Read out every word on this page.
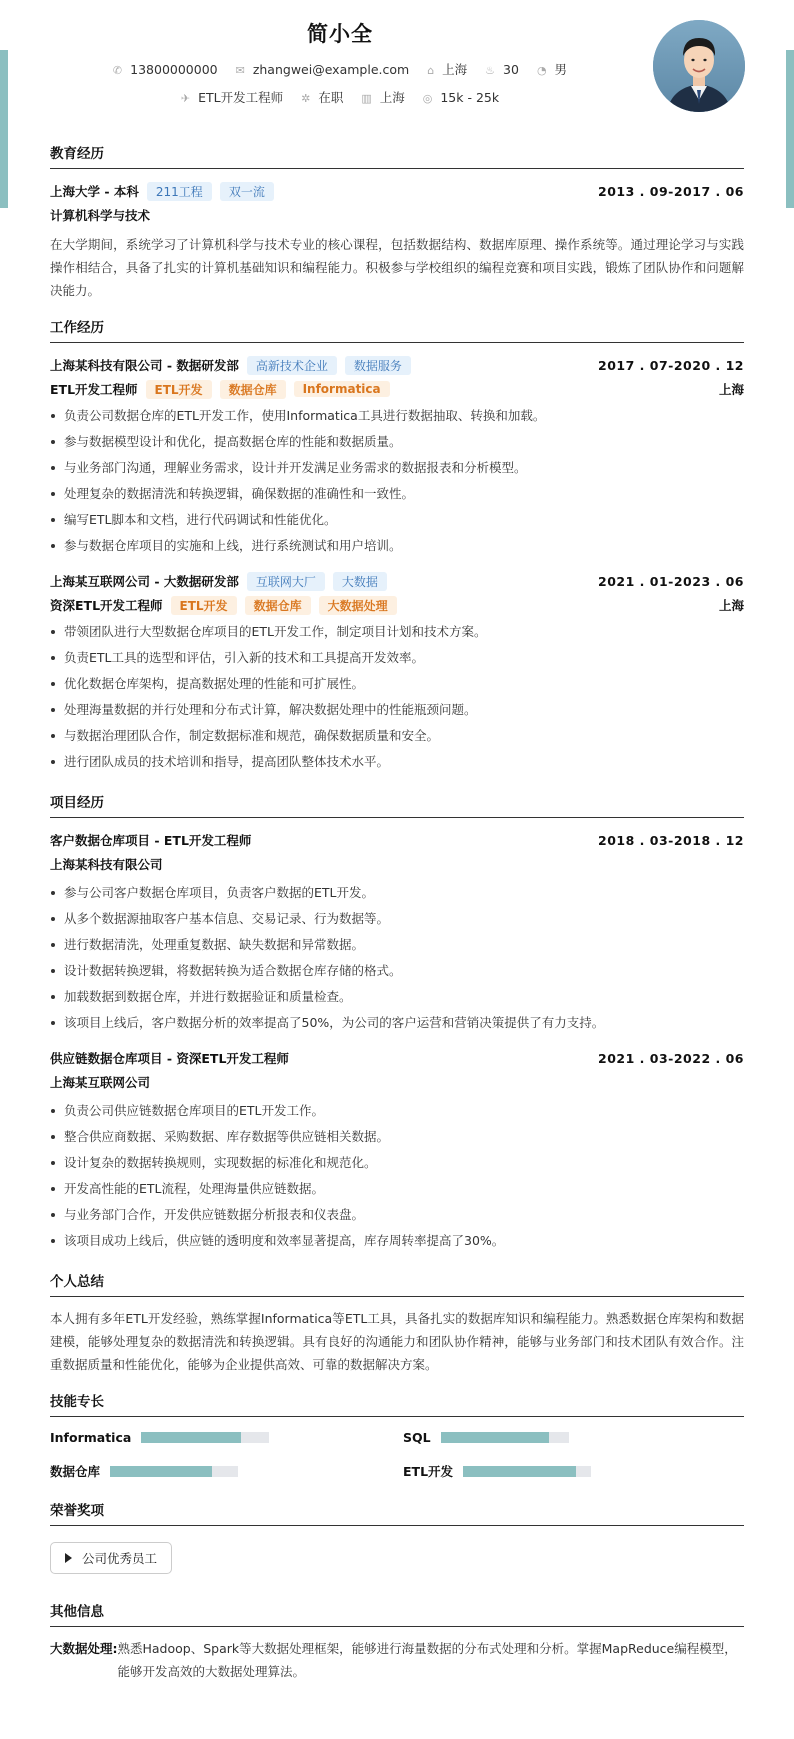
简小全
✆ 13800000000 ✉ zhangwei@example.com ⌂ 上海 ♨ 30 ◔ 男
✈ ETL开发工程师 ✲ 在职 ▥ 上海 ◎ 15k - 25k
教育经历
上海大学 - 本科	211工程	双一流	2013 . 09-2017 . 06
计算机科学与技术
在大学期间，系统学习了计算机科学与技术专业的核心课程，包括数据结构、数据库原理、操作系统等。通过理论学习与实践操作相结合，具备了扎实的计算机基础知识和编程能力。积极参与学校组织的编程竞赛和项目实践，锻炼了团队协作和问题解决能力。
工作经历
上海某科技有限公司 - 数据研发部	高新技术企业	数据服务	2017 . 07-2020 . 12
ETL开发工程师	ETL开发	数据仓库	Informatica	上海
负责公司数据仓库的ETL开发工作，使用Informatica工具进行数据抽取、转换和加载。
参与数据模型设计和优化，提高数据仓库的性能和数据质量。
与业务部门沟通，理解业务需求，设计并开发满足业务需求的数据报表和分析模型。
处理复杂的数据清洗和转换逻辑，确保数据的准确性和一致性。
编写ETL脚本和文档，进行代码调试和性能优化。
参与数据仓库项目的实施和上线，进行系统测试和用户培训。
上海某互联网公司 - 大数据研发部	互联网大厂	大数据	2021 . 01-2023 . 06
资深ETL开发工程师	ETL开发	数据仓库	大数据处理	上海
带领团队进行大型数据仓库项目的ETL开发工作，制定项目计划和技术方案。
负责ETL工具的选型和评估，引入新的技术和工具提高开发效率。
优化数据仓库架构，提高数据处理的性能和可扩展性。
处理海量数据的并行处理和分布式计算，解决数据处理中的性能瓶颈问题。
与数据治理团队合作，制定数据标准和规范，确保数据质量和安全。
进行团队成员的技术培训和指导，提高团队整体技术水平。
项目经历
客户数据仓库项目 - ETL开发工程师	2018 . 03-2018 . 12
上海某科技有限公司
参与公司客户数据仓库项目，负责客户数据的ETL开发。
从多个数据源抽取客户基本信息、交易记录、行为数据等。
进行数据清洗，处理重复数据、缺失数据和异常数据。
设计数据转换逻辑，将数据转换为适合数据仓库存储的格式。
加载数据到数据仓库，并进行数据验证和质量检查。
该项目上线后，客户数据分析的效率提高了50%，为公司的客户运营和营销决策提供了有力支持。
供应链数据仓库项目 - 资深ETL开发工程师	2021 . 03-2022 . 06
上海某互联网公司
负责公司供应链数据仓库项目的ETL开发工作。
整合供应商数据、采购数据、库存数据等供应链相关数据。
设计复杂的数据转换规则，实现数据的标准化和规范化。
开发高性能的ETL流程，处理海量供应链数据。
与业务部门合作，开发供应链数据分析报表和仪表盘。
该项目成功上线后，供应链的透明度和效率显著提高，库存周转率提高了30%。
个人总结
本人拥有多年ETL开发经验，熟练掌握Informatica等ETL工具，具备扎实的数据库知识和编程能力。熟悉数据仓库架构和数据建模，能够处理复杂的数据清洗和转换逻辑。具有良好的沟通能力和团队协作精神，能够与业务部门和技术团队有效合作。注重数据质量和性能优化，能够为企业提供高效、可靠的数据解决方案。
技能专长
Informatica	SQL
数据仓库	ETL开发
荣誉奖项
公司优秀员工
其他信息
大数据处理: 熟悉Hadoop、Spark等大数据处理框架，能够进行海量数据的分布式处理和分析。掌握MapReduce编程模型，能够开发高效的大数据处理算法。
